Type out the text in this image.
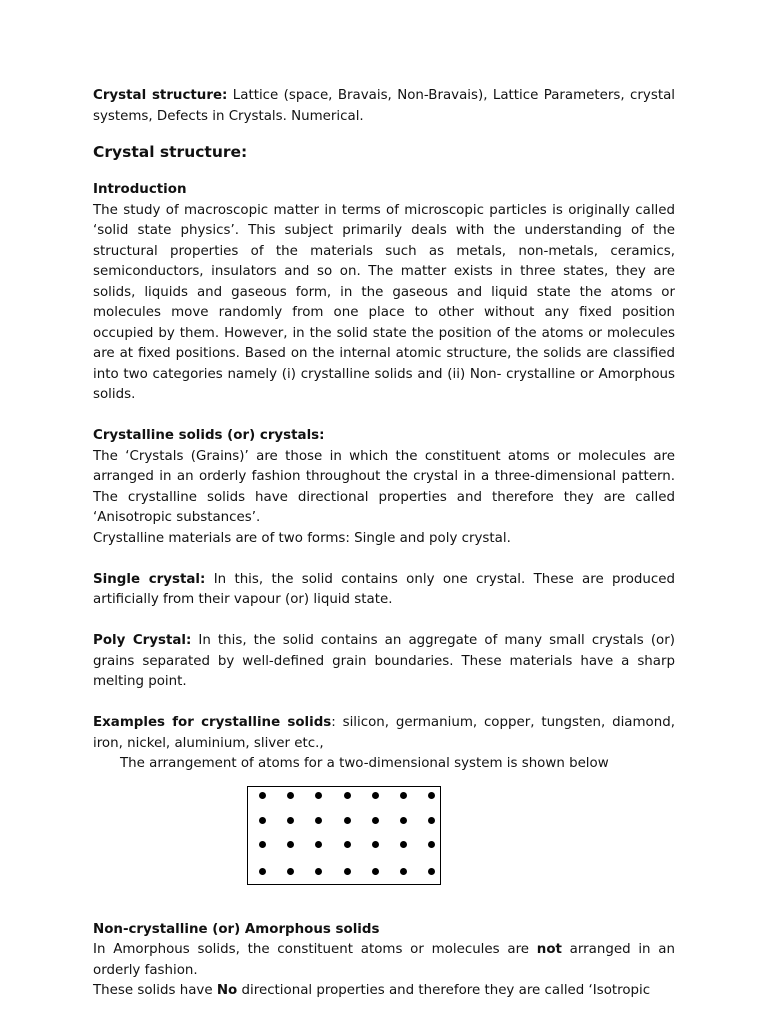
Crystal structure: Lattice (space, Bravais, Non-Bravais), Lattice Parameters, crystal systems, Defects in Crystals. Numerical.

Crystal structure:

Introduction

The study of macroscopic matter in terms of microscopic particles is originally called ‘solid state physics’. This subject primarily deals with the understanding of the structural properties of the materials such as metals, non-metals, ceramics, semiconductors, insulators and so on. The matter exists in three states, they are solids, liquids and gaseous form, in the gaseous and liquid state the atoms or molecules move randomly from one place to other without any fixed position occupied by them. However, in the solid state the position of the atoms or molecules are at fixed positions. Based on the internal atomic structure, the solids are classified into two categories namely (i) crystalline solids and (ii) Non- crystalline or Amorphous solids.

Crystalline solids (or) crystals:

The ‘Crystals (Grains)’ are those in which the constituent atoms or molecules are arranged in an orderly fashion throughout the crystal in a three-dimensional pattern. The crystalline solids have directional properties and therefore they are called ‘Anisotropic substances’.

Crystalline materials are of two forms: Single and poly crystal.

Single crystal: In this, the solid contains only one crystal. These are produced artificially from their vapour (or) liquid state.

Poly Crystal: In this, the solid contains an aggregate of many small crystals (or) grains separated by well-defined grain boundaries. These materials have a sharp melting point.

Examples for crystalline solids: silicon, germanium, copper, tungsten, diamond, iron, nickel, aluminium, sliver etc.,

The arrangement of atoms for a two-dimensional system is shown below

Non-crystalline (or) Amorphous solids

In Amorphous solids, the constituent atoms or molecules are not arranged in an orderly fashion.

These solids have No directional properties and therefore they are called ‘Isotropic
